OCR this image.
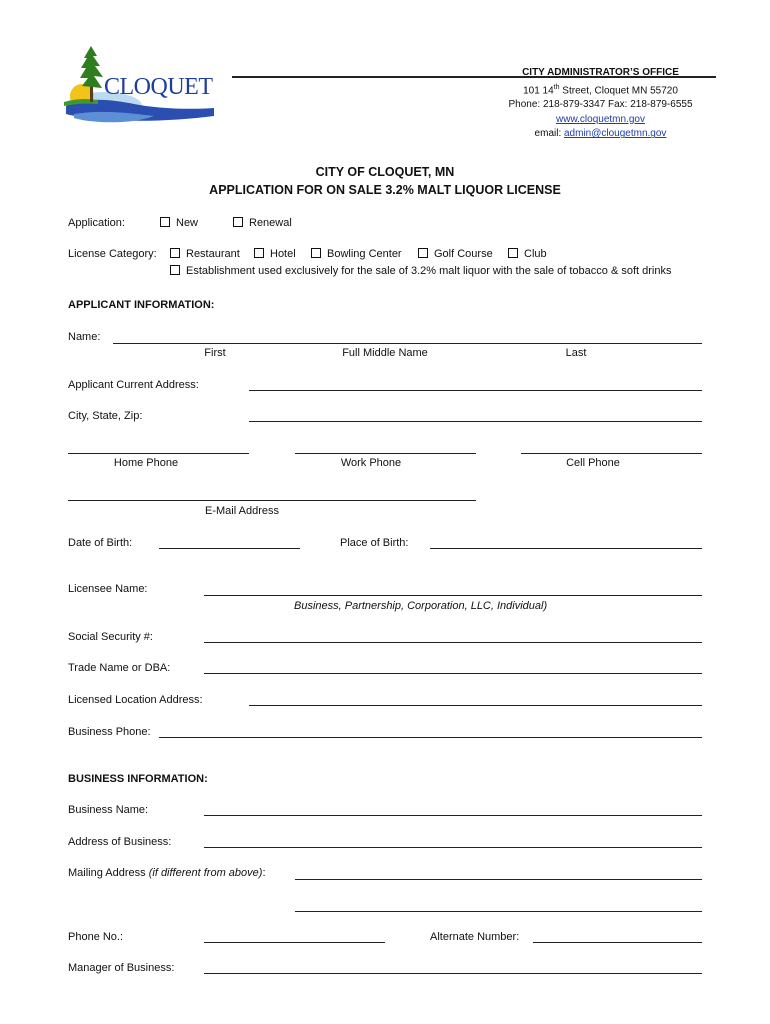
CLOQUET
CITY ADMINISTRATOR’S OFFICE
101 14th Street, Cloquet MN 55720
Phone: 218-879-3347 Fax: 218-879-6555
www.cloquetmn.gov
email: admin@clougetmn.gov
CITY OF CLOQUET, MN
APPLICATION FOR ON SALE 3.2% MALT LIQUOR LICENSE
Application:	New	Renewal
License Category:	Restaurant	Hotel	Bowling Center	Golf Course	Club
Establishment used exclusively for the sale of 3.2% malt liquor with the sale of tobacco & soft drinks
APPLICANT INFORMATION:
Name:
First	Full Middle Name	Last
Applicant Current Address:
City, State, Zip:
Home Phone	Work Phone	Cell Phone
E-Mail Address
Date of Birth:	Place of Birth:
Licensee Name:
Business, Partnership, Corporation, LLC, Individual)
Social Security #:
Trade Name or DBA:
Licensed Location Address:
Business Phone:
BUSINESS INFORMATION:
Business Name:
Address of Business:
Mailing Address (if different from above):
Phone No.:	Alternate Number:
Manager of Business:
